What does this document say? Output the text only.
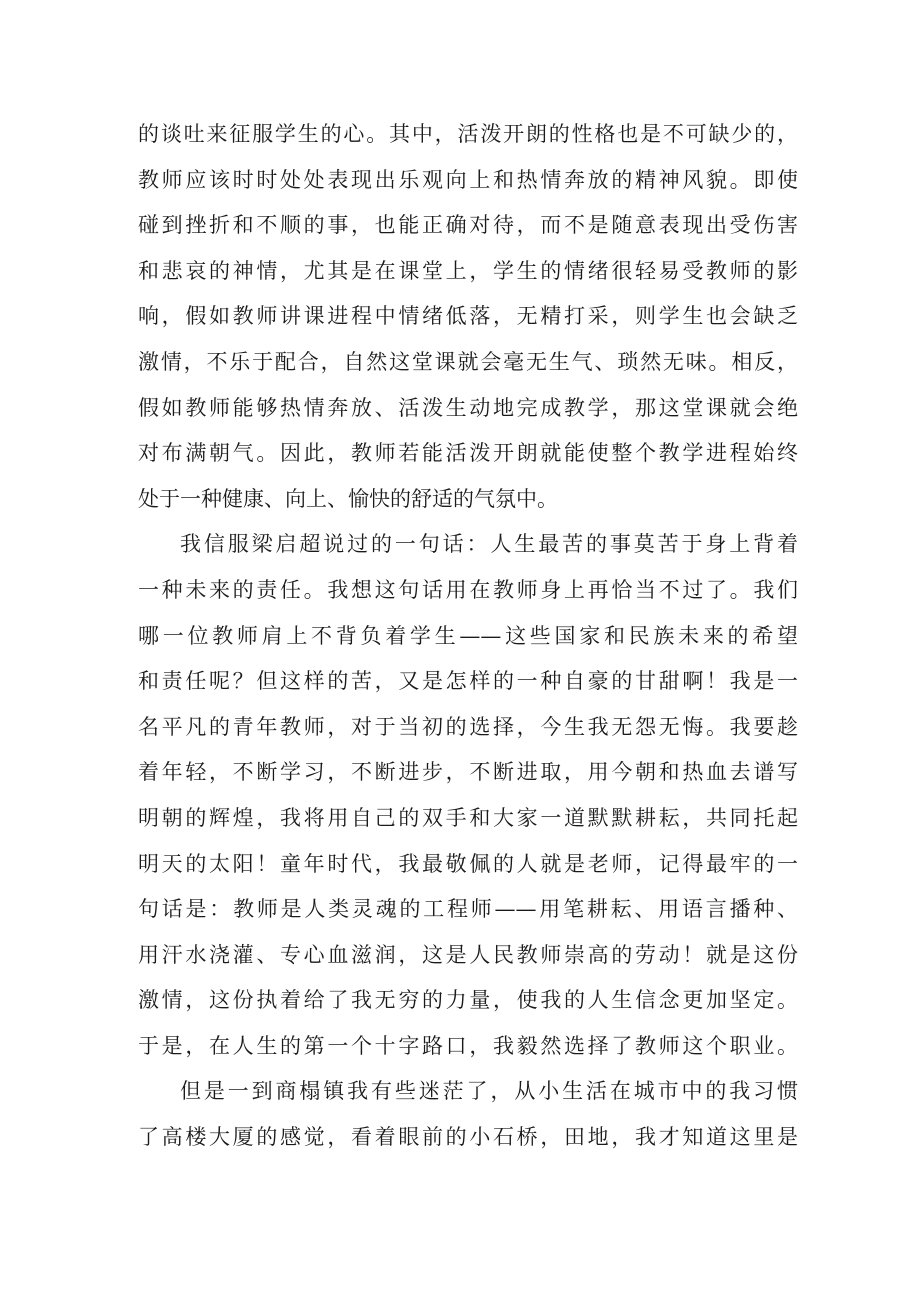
的谈吐来征服学生的心。其中，活泼开朗的性格也是不可缺少的，
教师应该时时处处表现出乐观向上和热情奔放的精神风貌。即使
碰到挫折和不顺的事，也能正确对待，而不是随意表现出受伤害
和悲哀的神情，尤其是在课堂上，学生的情绪很轻易受教师的影
响，假如教师讲课进程中情绪低落，无精打采，则学生也会缺乏
激情，不乐于配合，自然这堂课就会毫无生气、琐然无味。相反，
假如教师能够热情奔放、活泼生动地完成教学，那这堂课就会绝
对布满朝气。因此，教师若能活泼开朗就能使整个教学进程始终
处于一种健康、向上、愉快的舒适的气氛中。
我信服梁启超说过的一句话：人生最苦的事莫苦于身上背着
一种未来的责任。我想这句话用在教师身上再恰当不过了。我们
哪一位教师肩上不背负着学生——这些国家和民族未来的希望
和责任呢？但这样的苦，又是怎样的一种自豪的甘甜啊！我是一
名平凡的青年教师，对于当初的选择，今生我无怨无悔。我要趁
着年轻，不断学习，不断进步，不断进取，用今朝和热血去谱写
明朝的辉煌，我将用自己的双手和大家一道默默耕耘，共同托起
明天的太阳！童年时代，我最敬佩的人就是老师，记得最牢的一
句话是：教师是人类灵魂的工程师——用笔耕耘、用语言播种、
用汗水浇灌、专心血滋润，这是人民教师崇高的劳动！就是这份
激情，这份执着给了我无穷的力量，使我的人生信念更加坚定。
于是，在人生的第一个十字路口，我毅然选择了教师这个职业。
但是一到商榻镇我有些迷茫了，从小生活在城市中的我习惯
了高楼大厦的感觉，看着眼前的小石桥，田地，我才知道这里是
